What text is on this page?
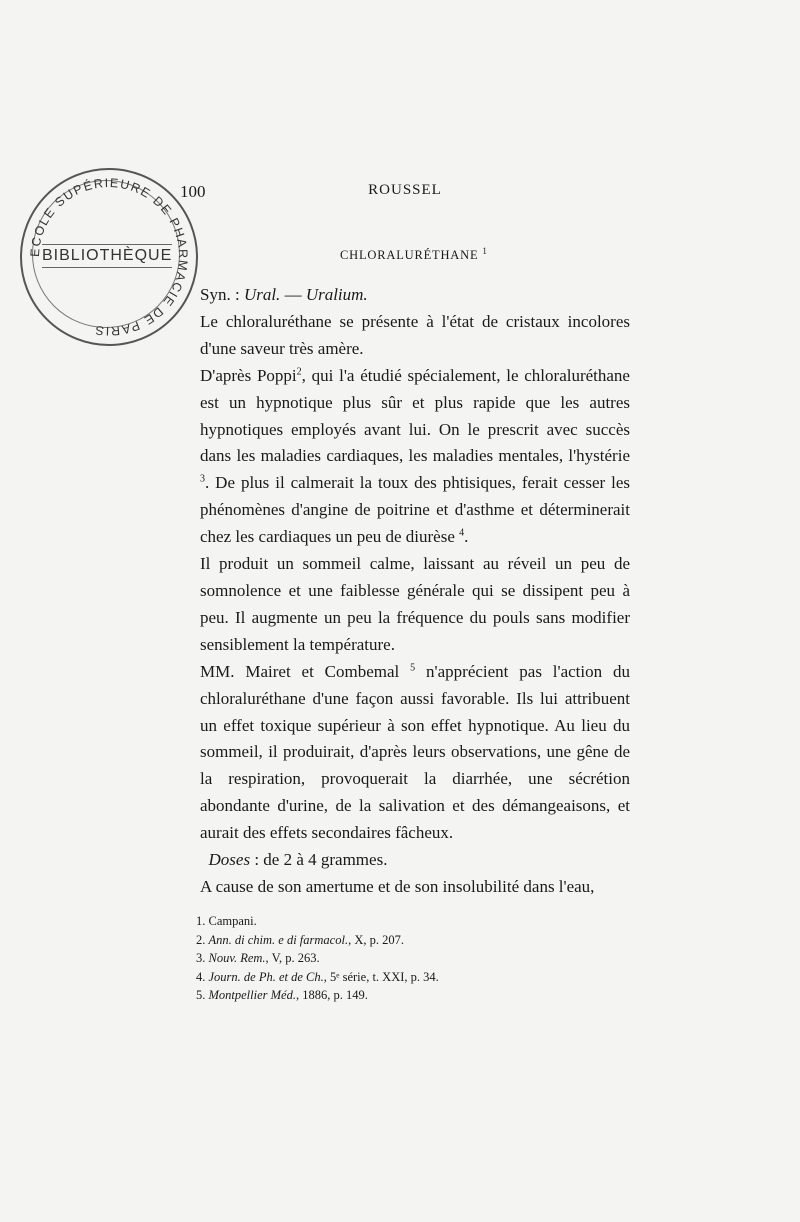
100	ROUSSEL
ECOLE SUPÉRIEURE DE PHARMACIE DE PARIS
BIBLIOTHÈQUE	CHLORALURÉTHANE $^1$

Syn. : Ural. — Uralium.

Le chloraluréthane se présente à l'état de cristaux incolores d'une saveur très amère.

D'après Poppi$^2$, qui l'a étudié spécialement, le chloraluréthane est un hypnotique plus sûr et plus rapide que les autres hypnotiques employés avant lui. On le prescrit avec succès dans les maladies cardiaques, les maladies mentales, l'hystérie $^3$. De plus il calmerait la toux des phtisiques, ferait cesser les phénomènes d'angine de poitrine et d'asthme et déterminerait chez les cardiaques un peu de diurèse $^4$.

Il produit un sommeil calme, laissant au réveil un peu de somnolence et une faiblesse générale qui se dissipent peu à peu. Il augmente un peu la fréquence du pouls sans modifier sensiblement la température.

MM. Mairet et Combemal $^5$ n'apprécient pas l'action du chloraluréthane d'une façon aussi favorable. Ils lui attribuent un effet toxique supérieur à son effet hypnotique. Au lieu du sommeil, il produirait, d'après leurs observations, une gêne de la respiration, provoquerait la diarrhée, une sécrétion abondante d'urine, de la salivation et des démangeaisons, et aurait des effets secondaires fâcheux.

Doses : de 2 à 4 grammes.

A cause de son amertume et de son insolubilité dans l'eau,

1. Campani.
2. Ann. di chim. e di farmacol., X, p. 207.
3. Nouv. Rem., V, p. 263.
4. Journ. de Ph. et de Ch., 5ᵉ série, t. XXI, p. 34.
5. Montpellier Méd., 1886, p. 149.
